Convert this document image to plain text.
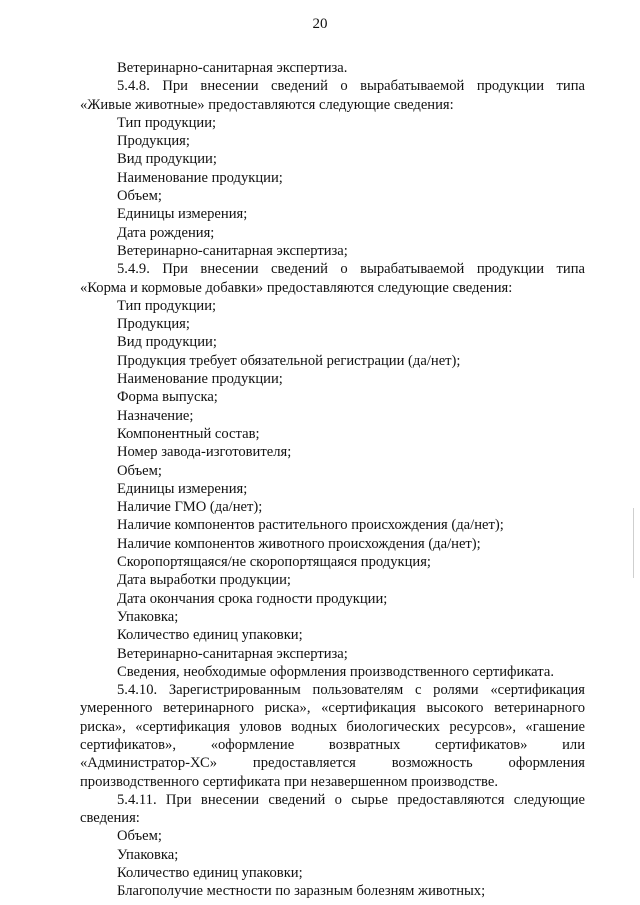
20
Ветеринарно-санитарная экспертиза.
5.4.8. При внесении сведений о вырабатываемой продукции типа
«Живые животные» предоставляются следующие сведения:
Тип продукции;
Продукция;
Вид продукции;
Наименование продукции;
Объем;
Единицы измерения;
Дата рождения;
Ветеринарно-санитарная экспертиза;
5.4.9. При внесении сведений о вырабатываемой продукции типа
«Корма и кормовые добавки» предоставляются следующие сведения:
Тип продукции;
Продукция;
Вид продукции;
Продукция требует обязательной регистрации (да/нет);
Наименование продукции;
Форма выпуска;
Назначение;
Компонентный состав;
Номер завода-изготовителя;
Объем;
Единицы измерения;
Наличие ГМО (да/нет);
Наличие компонентов растительного происхождения (да/нет);
Наличие компонентов животного происхождения (да/нет);
Скоропортящаяся/не скоропортящаяся продукция;
Дата выработки продукции;
Дата окончания срока годности продукции;
Упаковка;
Количество единиц упаковки;
Ветеринарно-санитарная экспертиза;
Сведения, необходимые оформления производственного сертификата.
5.4.10. Зарегистрированным пользователям с ролями «сертификация
умеренного ветеринарного риска», «сертификация высокого ветеринарного
риска», «сертификация уловов водных биологических ресурсов», «гашение
сертификатов», «оформление возвратных сертификатов» или
«Администратор-ХС» предоставляется возможность оформления
производственного сертификата при незавершенном производстве.
5.4.11. При внесении сведений о сырье предоставляются следующие
сведения:
Объем;
Упаковка;
Количество единиц упаковки;
Благополучие местности по заразным болезням животных;
